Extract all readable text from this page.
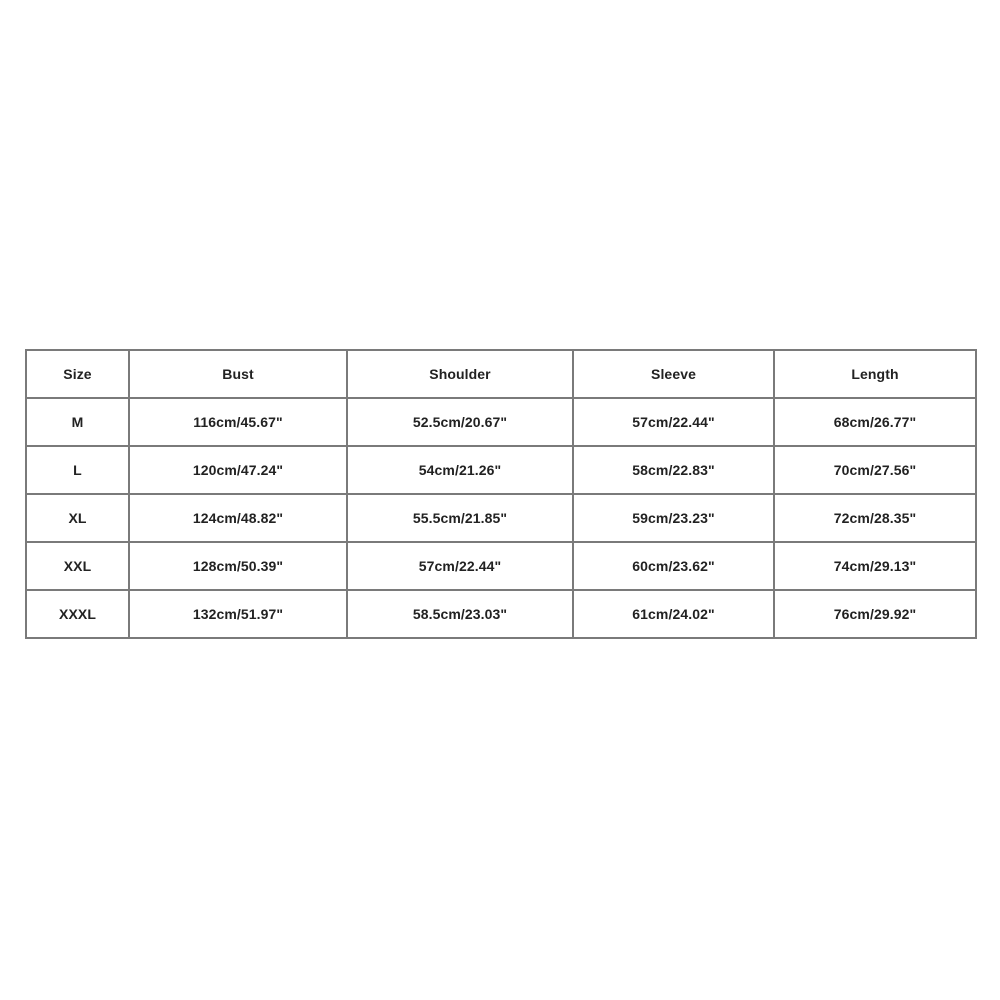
Size	Bust	Shoulder	Sleeve	Length
M	116cm/45.67"	52.5cm/20.67"	57cm/22.44"	68cm/26.77"
L	120cm/47.24"	54cm/21.26"	58cm/22.83"	70cm/27.56"
XL	124cm/48.82"	55.5cm/21.85"	59cm/23.23"	72cm/28.35"
XXL	128cm/50.39"	57cm/22.44"	60cm/23.62"	74cm/29.13"
XXXL	132cm/51.97"	58.5cm/23.03"	61cm/24.02"	76cm/29.92"
